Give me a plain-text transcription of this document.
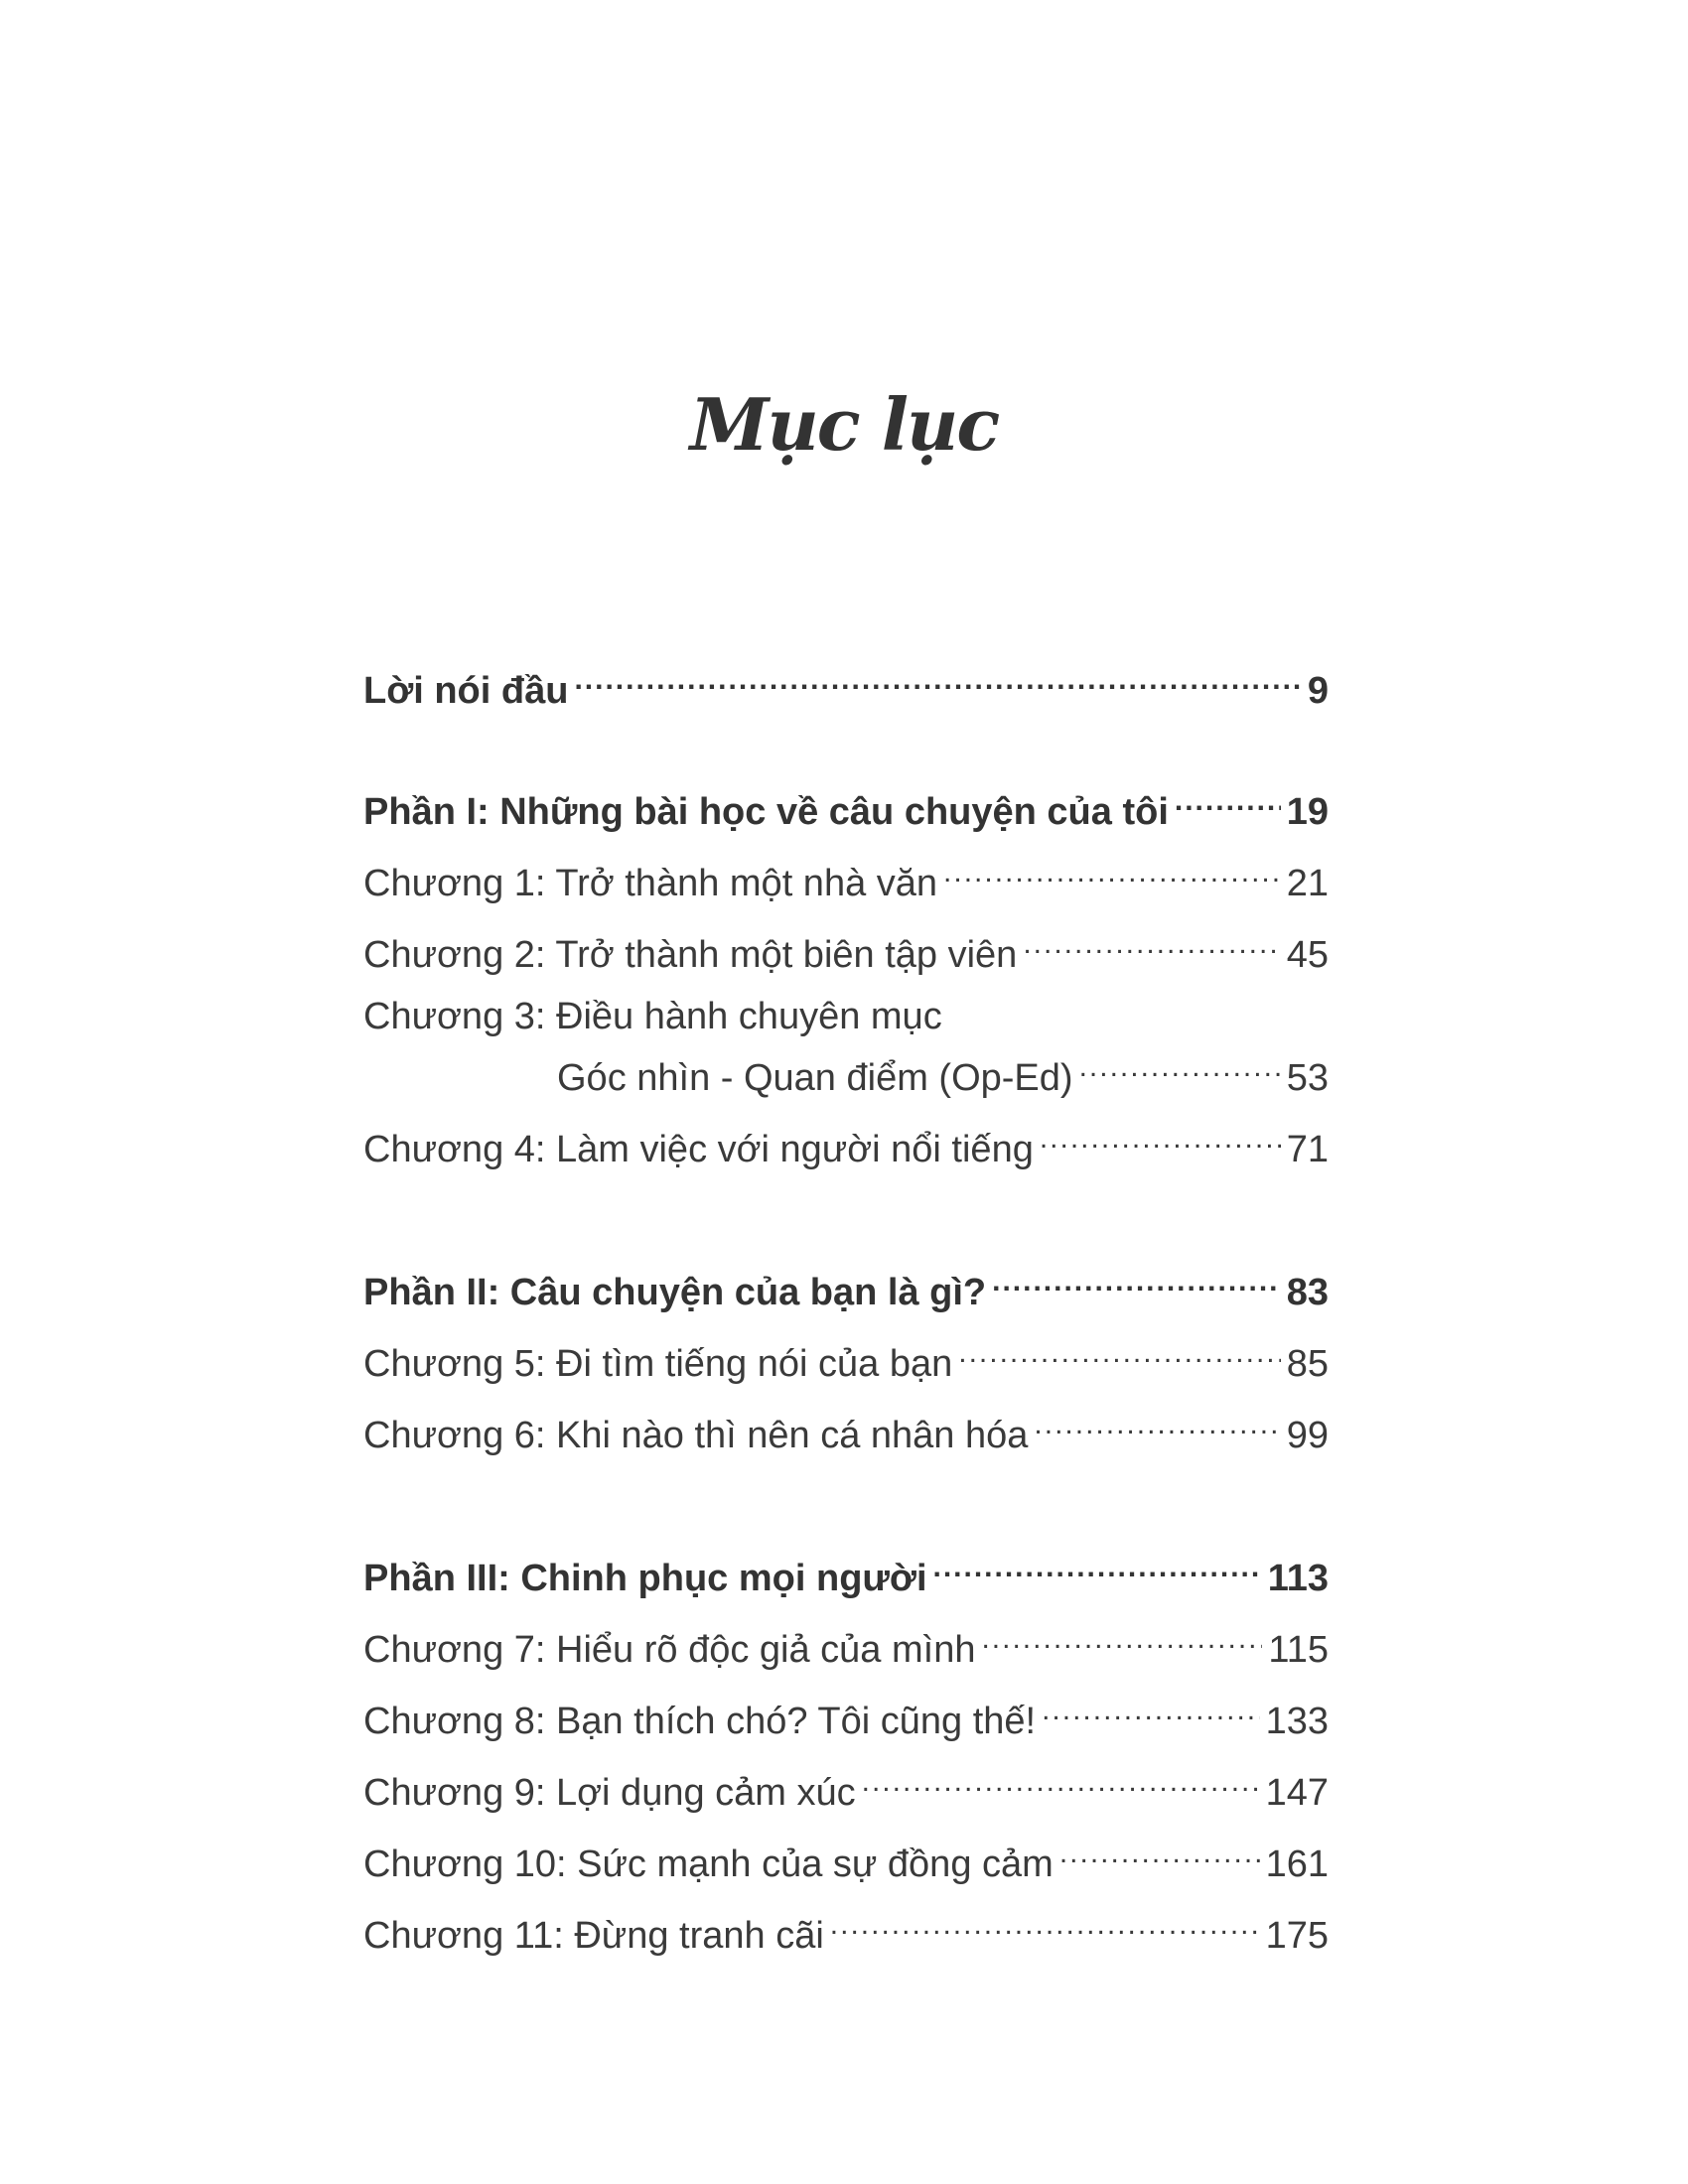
Mục lục
Lời nói đầu .....	9
Phần I: Những bài học về câu chuyện của tôi .....	19
Chương 1: Trở thành một nhà văn .....	21
Chương 2: Trở thành một biên tập viên .....	45
Chương 3: Điều hành chuyên mục
Góc nhìn - Quan điểm (Op-Ed) .....	53
Chương 4: Làm việc với người nổi tiếng .....	71
Phần II: Câu chuyện của bạn là gì? .....	83
Chương 5: Đi tìm tiếng nói của bạn .....	85
Chương 6: Khi nào thì nên cá nhân hóa .....	99
Phần III: Chinh phục mọi người .....	113
Chương 7: Hiểu rõ độc giả của mình .....	115
Chương 8: Bạn thích chó? Tôi cũng thế! .....	133
Chương 9: Lợi dụng cảm xúc .....	147
Chương 10: Sức mạnh của sự đồng cảm .....	161
Chương 11: Đừng tranh cãi .....	175
